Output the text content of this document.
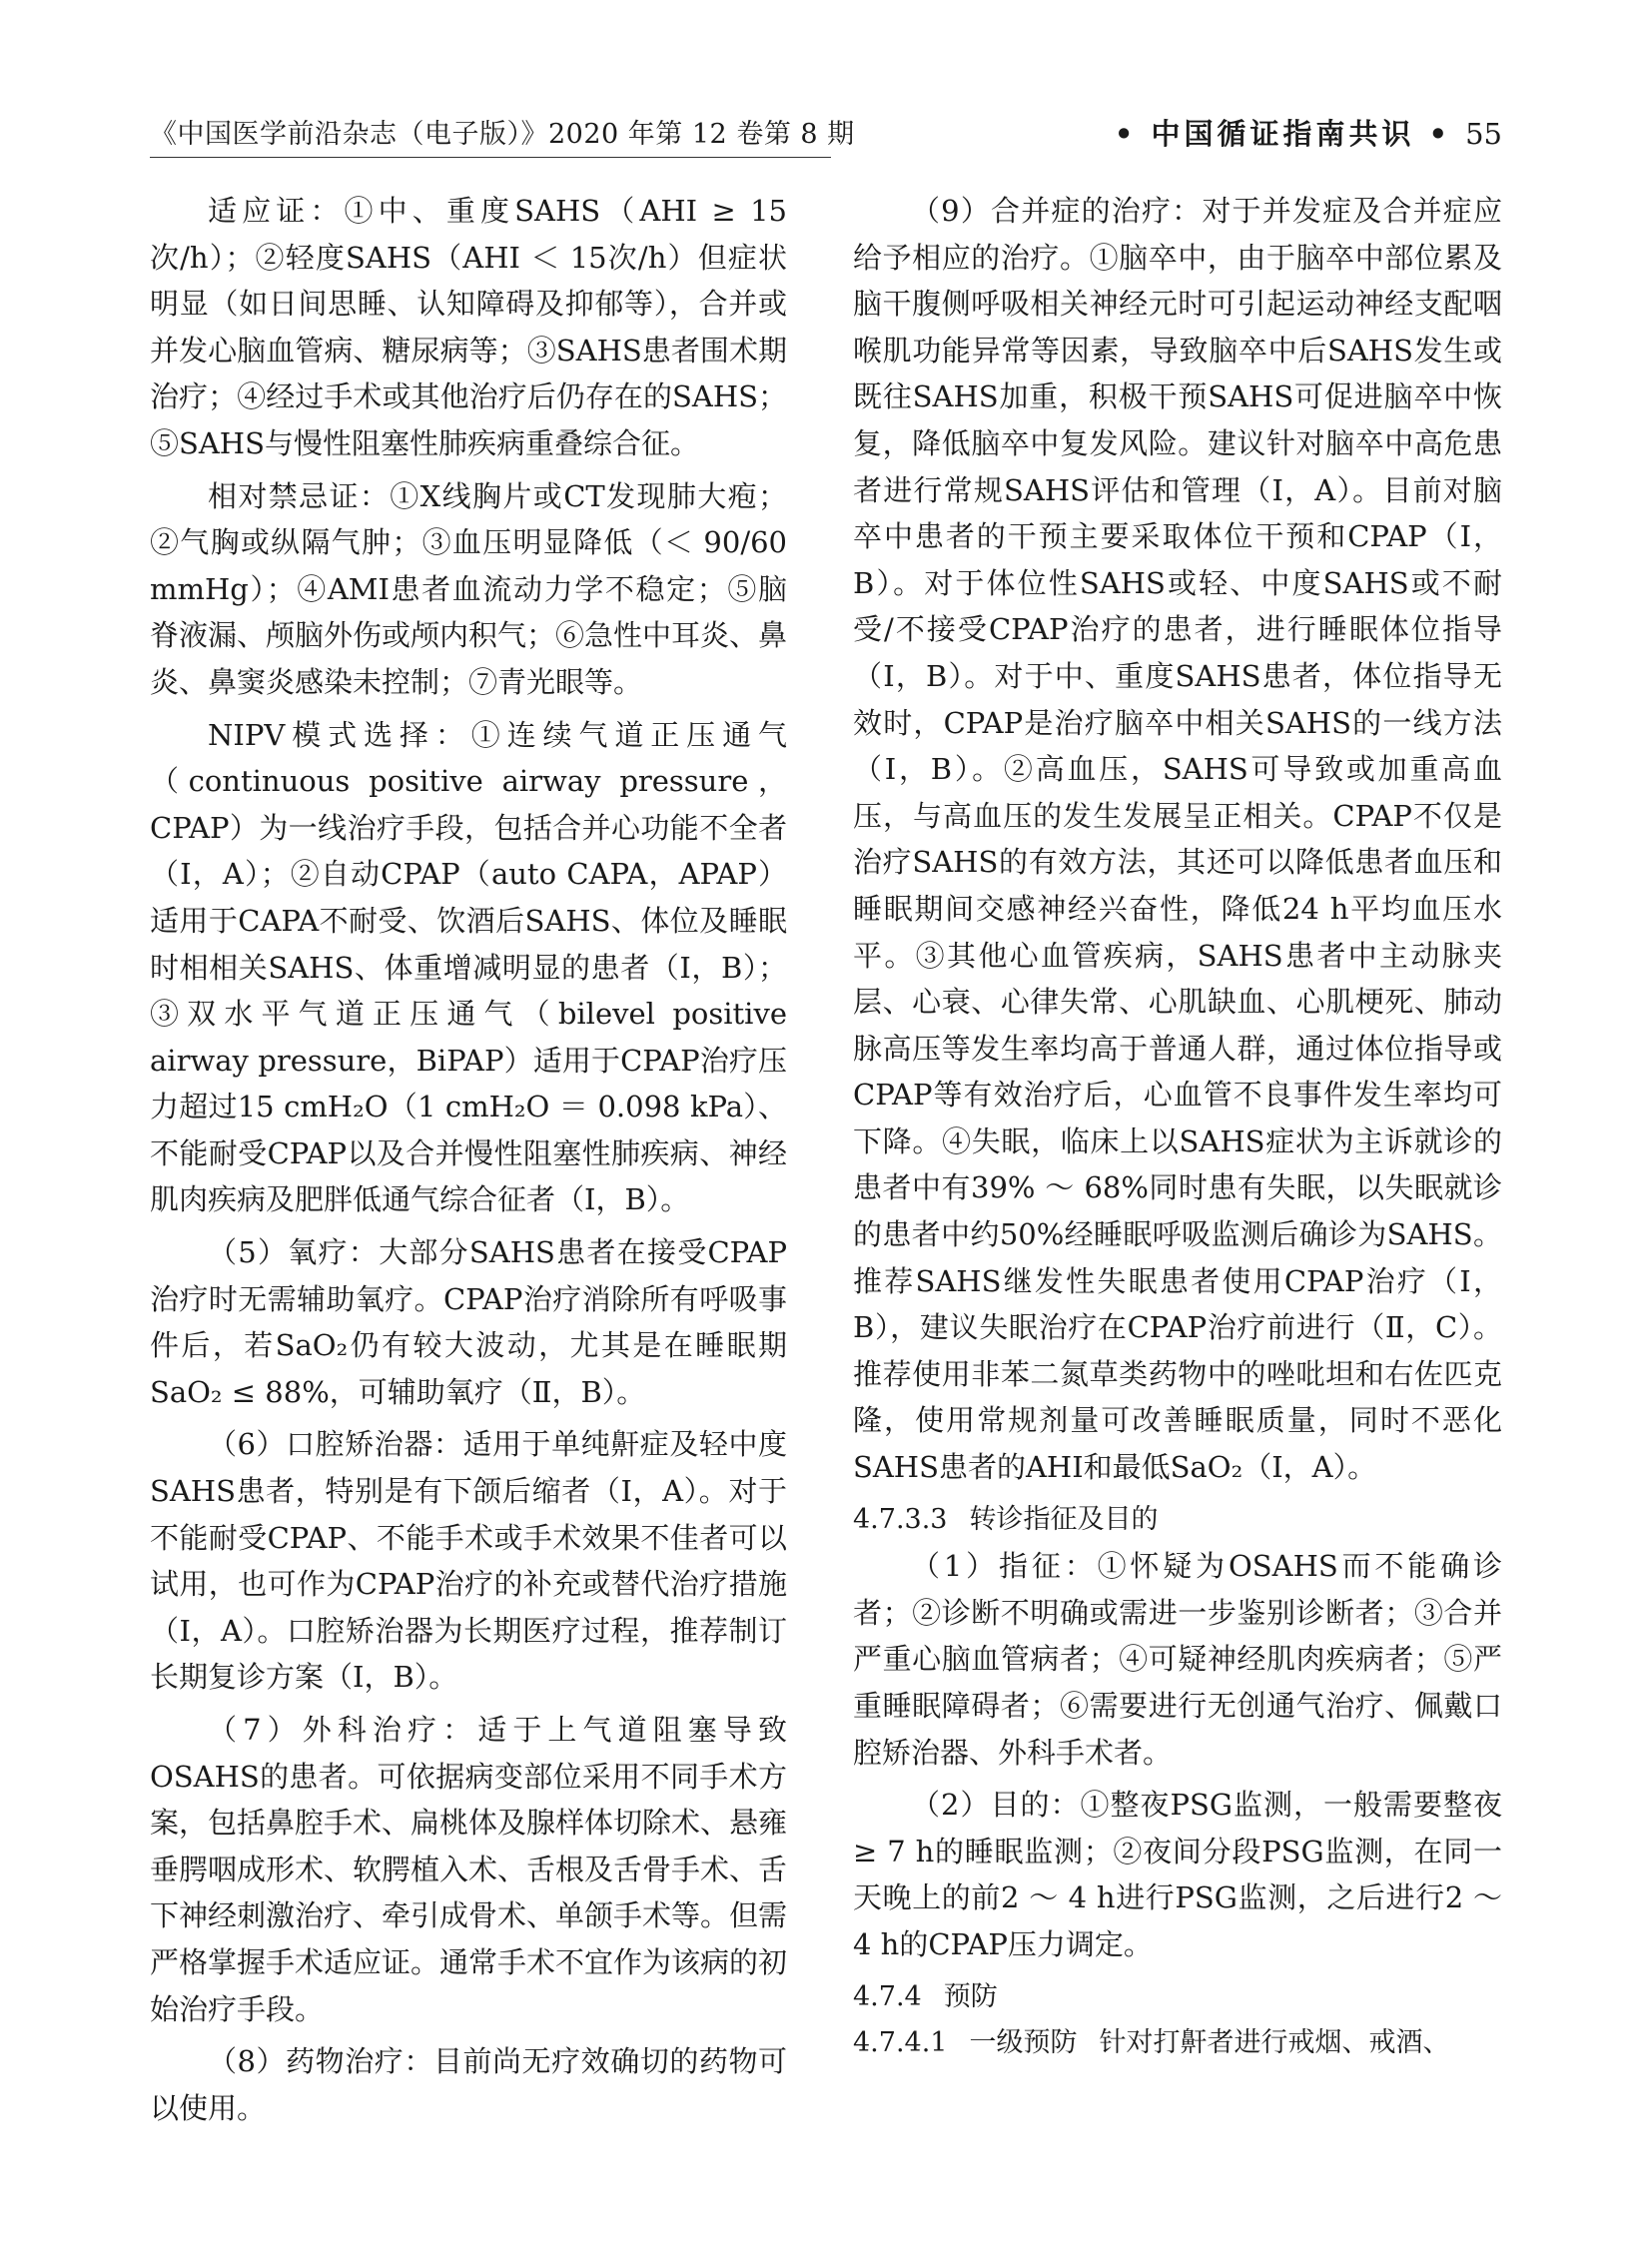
《中国医学前沿杂志（电子版）》2020 年第 12 卷第 8 期	• 中国循证指南共识 • 55

适应证：①中、重度SAHS（AHI ≥ 15次/h）；②轻度SAHS（AHI ＜ 15次/h）但症状明显（如日间思睡、认知障碍及抑郁等），合并或并发心脑血管病、糖尿病等；③SAHS患者围术期治疗；④经过手术或其他治疗后仍存在的SAHS；⑤SAHS与慢性阻塞性肺疾病重叠综合征。

相对禁忌证：①X线胸片或CT发现肺大疱；②气胸或纵隔气肿；③血压明显降低（＜ 90/60 mmHg）；④AMI患者血流动力学不稳定；⑤脑脊液漏、颅脑外伤或颅内积气；⑥急性中耳炎、鼻炎、鼻窦炎感染未控制；⑦青光眼等。

NIPV模式选择：①连续气道正压通气（continuous positive airway pressure，CPAP）为一线治疗手段，包括合并心功能不全者（Ⅰ，A）；②自动CPAP（auto CAPA，APAP）适用于CAPA不耐受、饮酒后SAHS、体位及睡眠时相相关SAHS、体重增减明显的患者（Ⅰ，B）；③双水平气道正压通气（bilevel positive airway pressure，BiPAP）适用于CPAP治疗压力超过15 cmH₂O（1 cmH₂O ＝ 0.098 kPa）、不能耐受CPAP以及合并慢性阻塞性肺疾病、神经肌肉疾病及肥胖低通气综合征者（Ⅰ，B）。

（5）氧疗：大部分SAHS患者在接受CPAP治疗时无需辅助氧疗。CPAP治疗消除所有呼吸事件后，若SaO₂仍有较大波动，尤其是在睡眠期SaO₂ ≤ 88%，可辅助氧疗（Ⅱ，B）。

（6）口腔矫治器：适用于单纯鼾症及轻中度SAHS患者，特别是有下颌后缩者（Ⅰ，A）。对于不能耐受CPAP、不能手术或手术效果不佳者可以试用，也可作为CPAP治疗的补充或替代治疗措施（Ⅰ，A）。口腔矫治器为长期医疗过程，推荐制订长期复诊方案（Ⅰ，B）。

（7）外科治疗：适于上气道阻塞导致OSAHS的患者。可依据病变部位采用不同手术方案，包括鼻腔手术、扁桃体及腺样体切除术、悬雍垂腭咽成形术、软腭植入术、舌根及舌骨手术、舌下神经刺激治疗、牵引成骨术、单颌手术等。但需严格掌握手术适应证。通常手术不宜作为该病的初始治疗手段。

（8）药物治疗：目前尚无疗效确切的药物可以使用。

（9）合并症的治疗：对于并发症及合并症应给予相应的治疗。①脑卒中，由于脑卒中部位累及脑干腹侧呼吸相关神经元时可引起运动神经支配咽喉肌功能异常等因素，导致脑卒中后SAHS发生或既往SAHS加重，积极干预SAHS可促进脑卒中恢复，降低脑卒中复发风险。建议针对脑卒中高危患者进行常规SAHS评估和管理（Ⅰ，A）。目前对脑卒中患者的干预主要采取体位干预和CPAP（Ⅰ，B）。对于体位性SAHS或轻、中度SAHS或不耐受/不接受CPAP治疗的患者，进行睡眠体位指导（Ⅰ，B）。对于中、重度SAHS患者，体位指导无效时，CPAP是治疗脑卒中相关SAHS的一线方法（Ⅰ，B）。②高血压，SAHS可导致或加重高血压，与高血压的发生发展呈正相关。CPAP不仅是治疗SAHS的有效方法，其还可以降低患者血压和睡眠期间交感神经兴奋性，降低24 h平均血压水平。③其他心血管疾病，SAHS患者中主动脉夹层、心衰、心律失常、心肌缺血、心肌梗死、肺动脉高压等发生率均高于普通人群，通过体位指导或CPAP等有效治疗后，心血管不良事件发生率均可下降。④失眠，临床上以SAHS症状为主诉就诊的患者中有39% ～ 68%同时患有失眠，以失眠就诊的患者中约50%经睡眠呼吸监测后确诊为SAHS。推荐SAHS继发性失眠患者使用CPAP治疗（Ⅰ，B），建议失眠治疗在CPAP治疗前进行（Ⅱ，C）。推荐使用非苯二氮草类药物中的唑吡坦和右佐匹克隆，使用常规剂量可改善睡眠质量，同时不恶化SAHS患者的AHI和最低SaO₂（Ⅰ，A）。

4.7.3.3 转诊指征及目的

（1）指征：①怀疑为OSAHS而不能确诊者；②诊断不明确或需进一步鉴别诊断者；③合并严重心脑血管病者；④可疑神经肌肉疾病者；⑤严重睡眠障碍者；⑥需要进行无创通气治疗、佩戴口腔矫治器、外科手术者。

（2）目的：①整夜PSG监测，一般需要整夜≥ 7 h的睡眠监测；②夜间分段PSG监测，在同一天晚上的前2 ～ 4 h进行PSG监测，之后进行2 ～ 4 h的CPAP压力调定。

4.7.4 预防
4.7.4.1 一级预防 针对打鼾者进行戒烟、戒酒、
